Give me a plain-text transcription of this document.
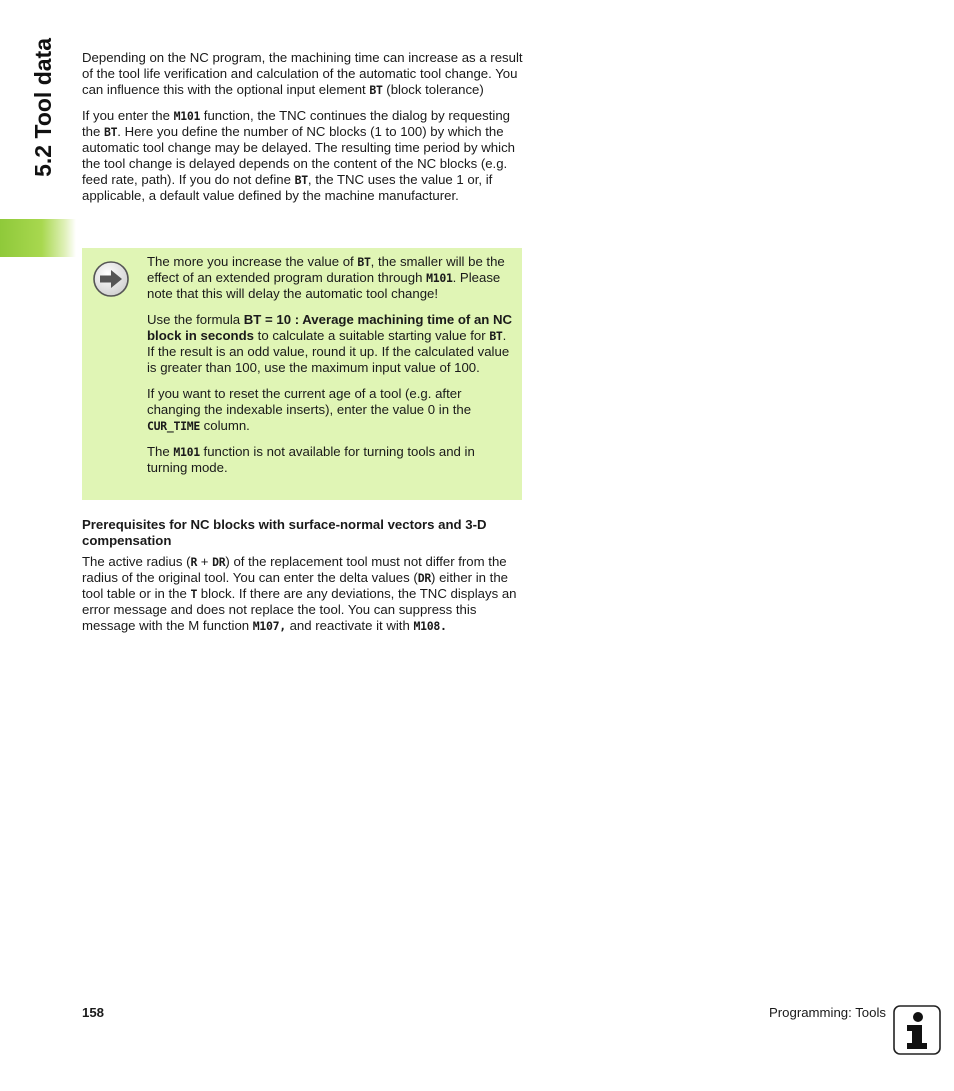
5.2 Tool data Depending on the NC program, the machining time can increase as a result of the tool life verification and calculation of the automatic tool change. You can influence this with the optional input element BT (block tolerance)

If you enter the M101 function, the TNC continues the dialog by requesting the BT. Here you define the number of NC blocks (1 to 100) by which the automatic tool change may be delayed. The resulting time period by which the tool change is delayed depends on the content of the NC blocks (e.g. feed rate, path). If you do not define BT, the TNC uses the value 1 or, if applicable, a default value defined by the machine manufacturer.

The more you increase the value of BT, the smaller will be the effect of an extended program duration through M101. Please note that this will delay the automatic tool change!

Use the formula BT = 10 : Average machining time of an NC block in seconds to calculate a suitable starting value for BT. If the result is an odd value, round it up. If the calculated value is greater than 100, use the maximum input value of 100.

If you want to reset the current age of a tool (e.g. after changing the indexable inserts), enter the value 0 in the CUR_TIME column.

The M101 function is not available for turning tools and in turning mode.

Prerequisites for NC blocks with surface-normal vectors and 3-D compensation

The active radius (R + DR) of the replacement tool must not differ from the radius of the original tool. You can enter the delta values (DR) either in the tool table or in the T block. If there are any deviations, the TNC displays an error message and does not replace the tool. You can suppress this message with the M function M107, and reactivate it with M108.

158	Programming: Tools
